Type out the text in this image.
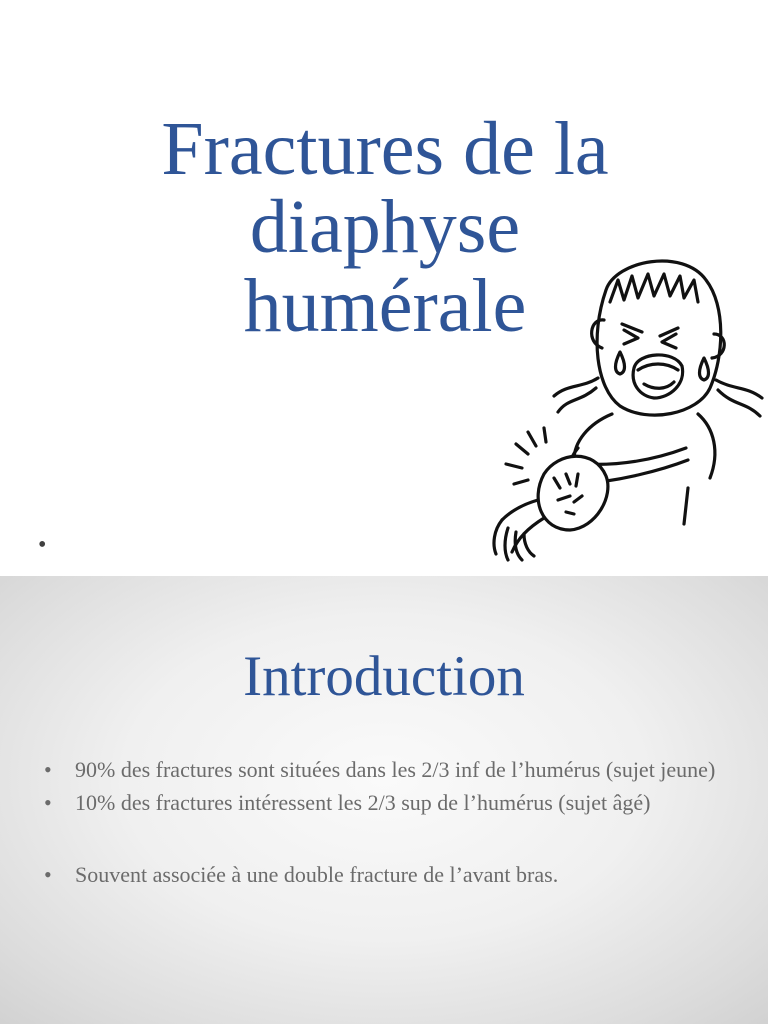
Fractures de la
diaphyse
humérale
•
Introduction
• 90% des fractures sont situées dans les 2/3 inf de l’humérus (sujet jeune)
• 10% des fractures intéressent les 2/3 sup de l’humérus (sujet âgé)
• Souvent associée à une double fracture de l’avant bras.
